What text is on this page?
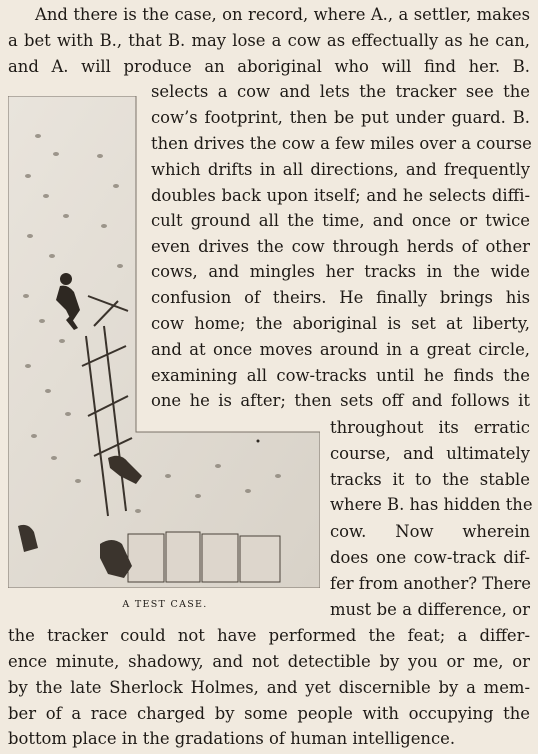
And there is the case, on record, where A., a settler, makes
a bet with B., that B. may lose a cow as effectually as he can,
and A. will produce an aboriginal who will find her. B.
selects a cow and lets the tracker see the
cow’s footprint, then be put under guard. B.
then drives the cow a few miles over a course
which drifts in all directions, and frequently
doubles back upon itself; and he selects diffi-
cult ground all the time, and once or twice
even drives the cow through herds of other
cows, and mingles her tracks in the wide
confusion of theirs. He finally brings his
cow home; the aboriginal is set at liberty,
and at once moves around in a great circle,
examining all cow-tracks until he finds the
one he is after; then sets off and follows it
throughout its erratic
course, and ultimately
tracks it to the stable
where B. has hidden the
cow. Now wherein
does one cow-track dif-
fer from another? There
must be a difference, or
the tracker could not have performed the feat; a differ-
ence minute, shadowy, and not detectible by you or me, or
by the late Sherlock Holmes, and yet discernible by a mem-
ber of a race charged by some people with occupying the
bottom place in the gradations of human intelligence.
A TEST CASE.
